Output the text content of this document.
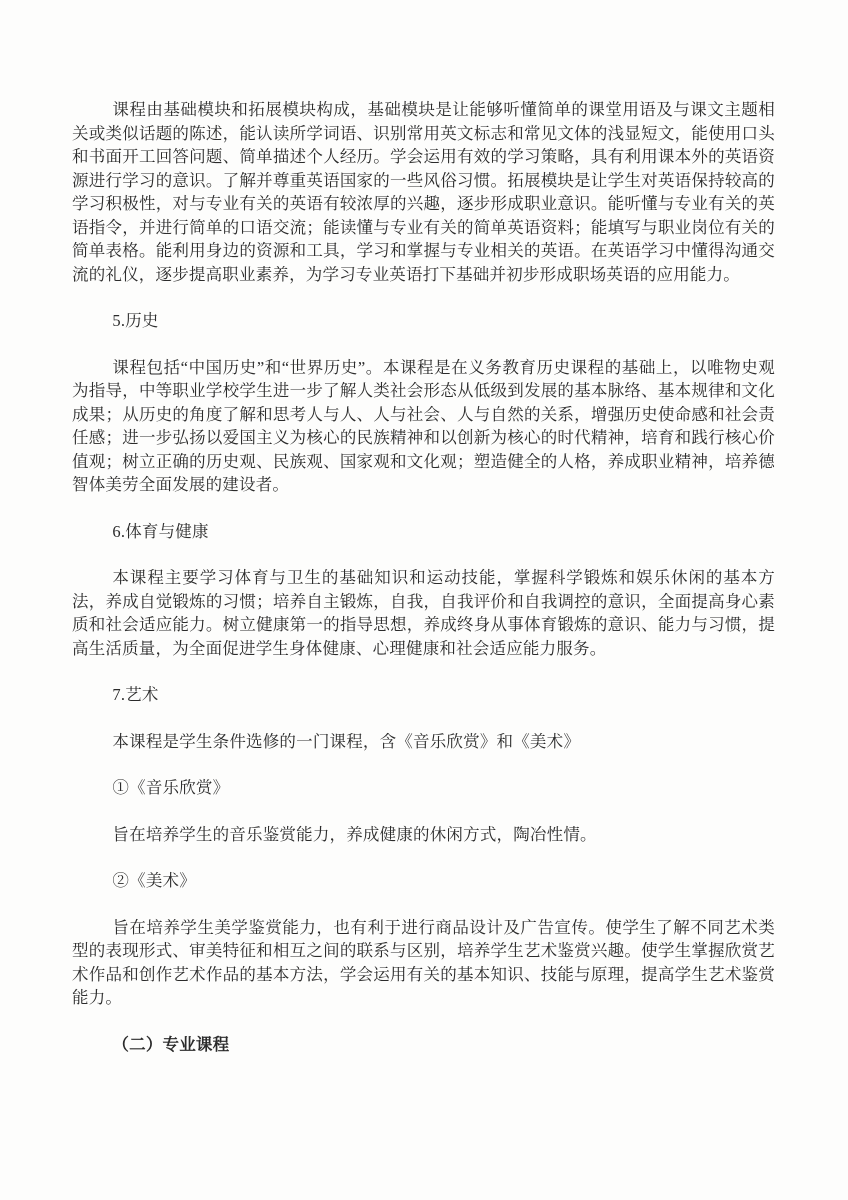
课程由基础模块和拓展模块构成，基础模块是让能够听懂简单的课堂用语及与课文主题相关或类似话题的陈述，能认读所学词语、识别常用英文标志和常见文体的浅显短文，能使用口头和书面开工回答问题、简单描述个人经历。学会运用有效的学习策略，具有利用课本外的英语资源进行学习的意识。了解并尊重英语国家的一些风俗习惯。拓展模块是让学生对英语保持较高的学习积极性，对与专业有关的英语有较浓厚的兴趣，逐步形成职业意识。能听懂与专业有关的英语指令，并进行简单的口语交流；能读懂与专业有关的简单英语资料；能填写与职业岗位有关的简单表格。能利用身边的资源和工具，学习和掌握与专业相关的英语。在英语学习中懂得沟通交流的礼仪，逐步提高职业素养，为学习专业英语打下基础并初步形成职场英语的应用能力。

5.历史

课程包括“中国历史”和“世界历史”。本课程是在义务教育历史课程的基础上，以唯物史观为指导，中等职业学校学生进一步了解人类社会形态从低级到发展的基本脉络、基本规律和文化成果；从历史的角度了解和思考人与人、人与社会、人与自然的关系，增强历史使命感和社会责任感；进一步弘扬以爱国主义为核心的民族精神和以创新为核心的时代精神，培育和践行核心价值观；树立正确的历史观、民族观、国家观和文化观；塑造健全的人格，养成职业精神，培养德智体美劳全面发展的建设者。

6.体育与健康

本课程主要学习体育与卫生的基础知识和运动技能，掌握科学锻炼和娱乐休闲的基本方法，养成自觉锻炼的习惯；培养自主锻炼，自我，自我评价和自我调控的意识，全面提高身心素质和社会适应能力。树立健康第一的指导思想，养成终身从事体育锻炼的意识、能力与习惯，提高生活质量，为全面促进学生身体健康、心理健康和社会适应能力服务。

7.艺术

本课程是学生条件选修的一门课程，含《音乐欣赏》和《美术》

①《音乐欣赏》

旨在培养学生的音乐鉴赏能力，养成健康的休闲方式，陶冶性情。

②《美术》

旨在培养学生美学鉴赏能力，也有利于进行商品设计及广告宣传。使学生了解不同艺术类型的表现形式、审美特征和相互之间的联系与区别，培养学生艺术鉴赏兴趣。使学生掌握欣赏艺术作品和创作艺术作品的基本方法，学会运用有关的基本知识、技能与原理，提高学生艺术鉴赏能力。

（二）专业课程
